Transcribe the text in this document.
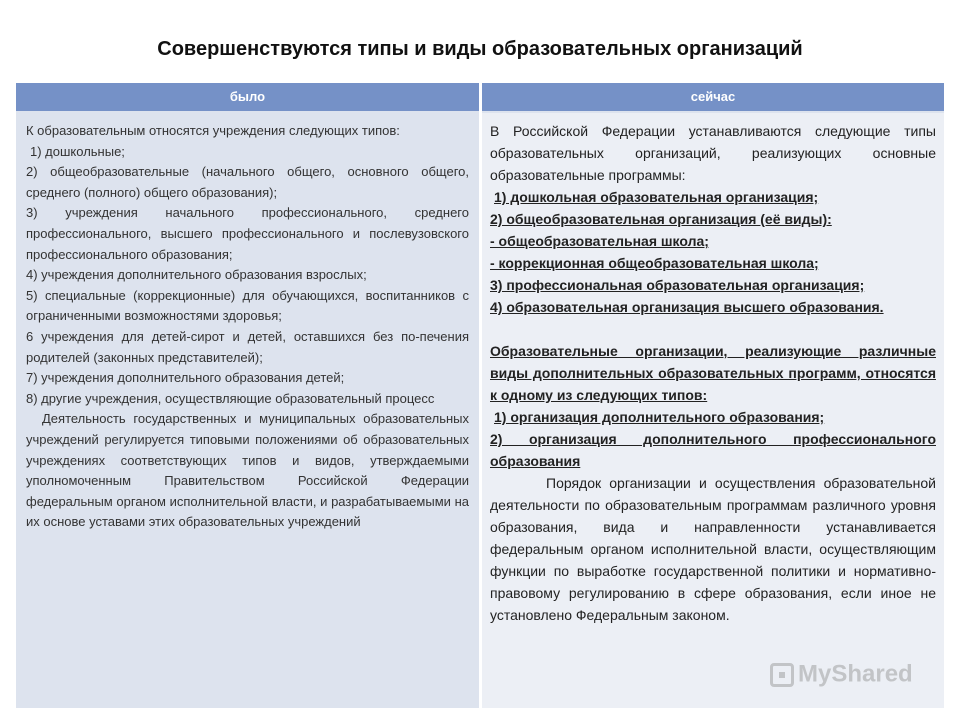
Совершенствуются типы и виды образовательных организаций
было	сейчас

К образовательным относятся учреждения следующих типов:

1) дошкольные;

2) общеобразовательные (начального общего, основного общего, среднего (полного) общего образования);

3) учреждения начального профессионального, среднего профессионального, высшего профессионального и послевузовского профессионального образования;

4) учреждения дополнительного образования взрослых;

5) специальные (коррекционные) для обучающихся, воспитанников с ограниченными возможностями здоровья;

6 учреждения для детей-сирот и детей, оставшихся без по-печения родителей (законных представителей);

7) учреждения дополнительного образования детей;

8) другие учреждения, осуществляющие образовательный процесс

Деятельность государственных и муниципальных образовательных учреждений регулируется типовыми положениями об образовательных учреждениях соответствующих типов и видов, утверждаемыми уполномоченным Правительством Российской Федерации федеральным органом исполнительной власти, и разрабатываемыми на их основе уставами этих образовательных учреждений

В Российской Федерации устанавливаются следующие типы образовательных организаций, реализующих основные образовательные программы:

1) дошкольная образовательная организация;

2) общеобразовательная организация (её виды):

- общеобразовательная школа;

- коррекционная общеобразовательная школа;

3) профессиональная образовательная организация;

4) образовательная организация высшего образования.

Образовательные организации, реализующие различные виды дополнительных образовательных программ, относятся к одному из следующих типов:

1) организация дополнительного образования;

2) организация дополнительного профессионального образования

Порядок организации и осуществления образовательной деятельности по образовательным программам различного уровня образования, вида и направленности устанавливается федеральным органом исполнительной власти, осуществляющим функции по выработке государственной политики и нормативно-правовому регулированию в сфере образования, если иное не установлено Федеральным законом.

MyShared
